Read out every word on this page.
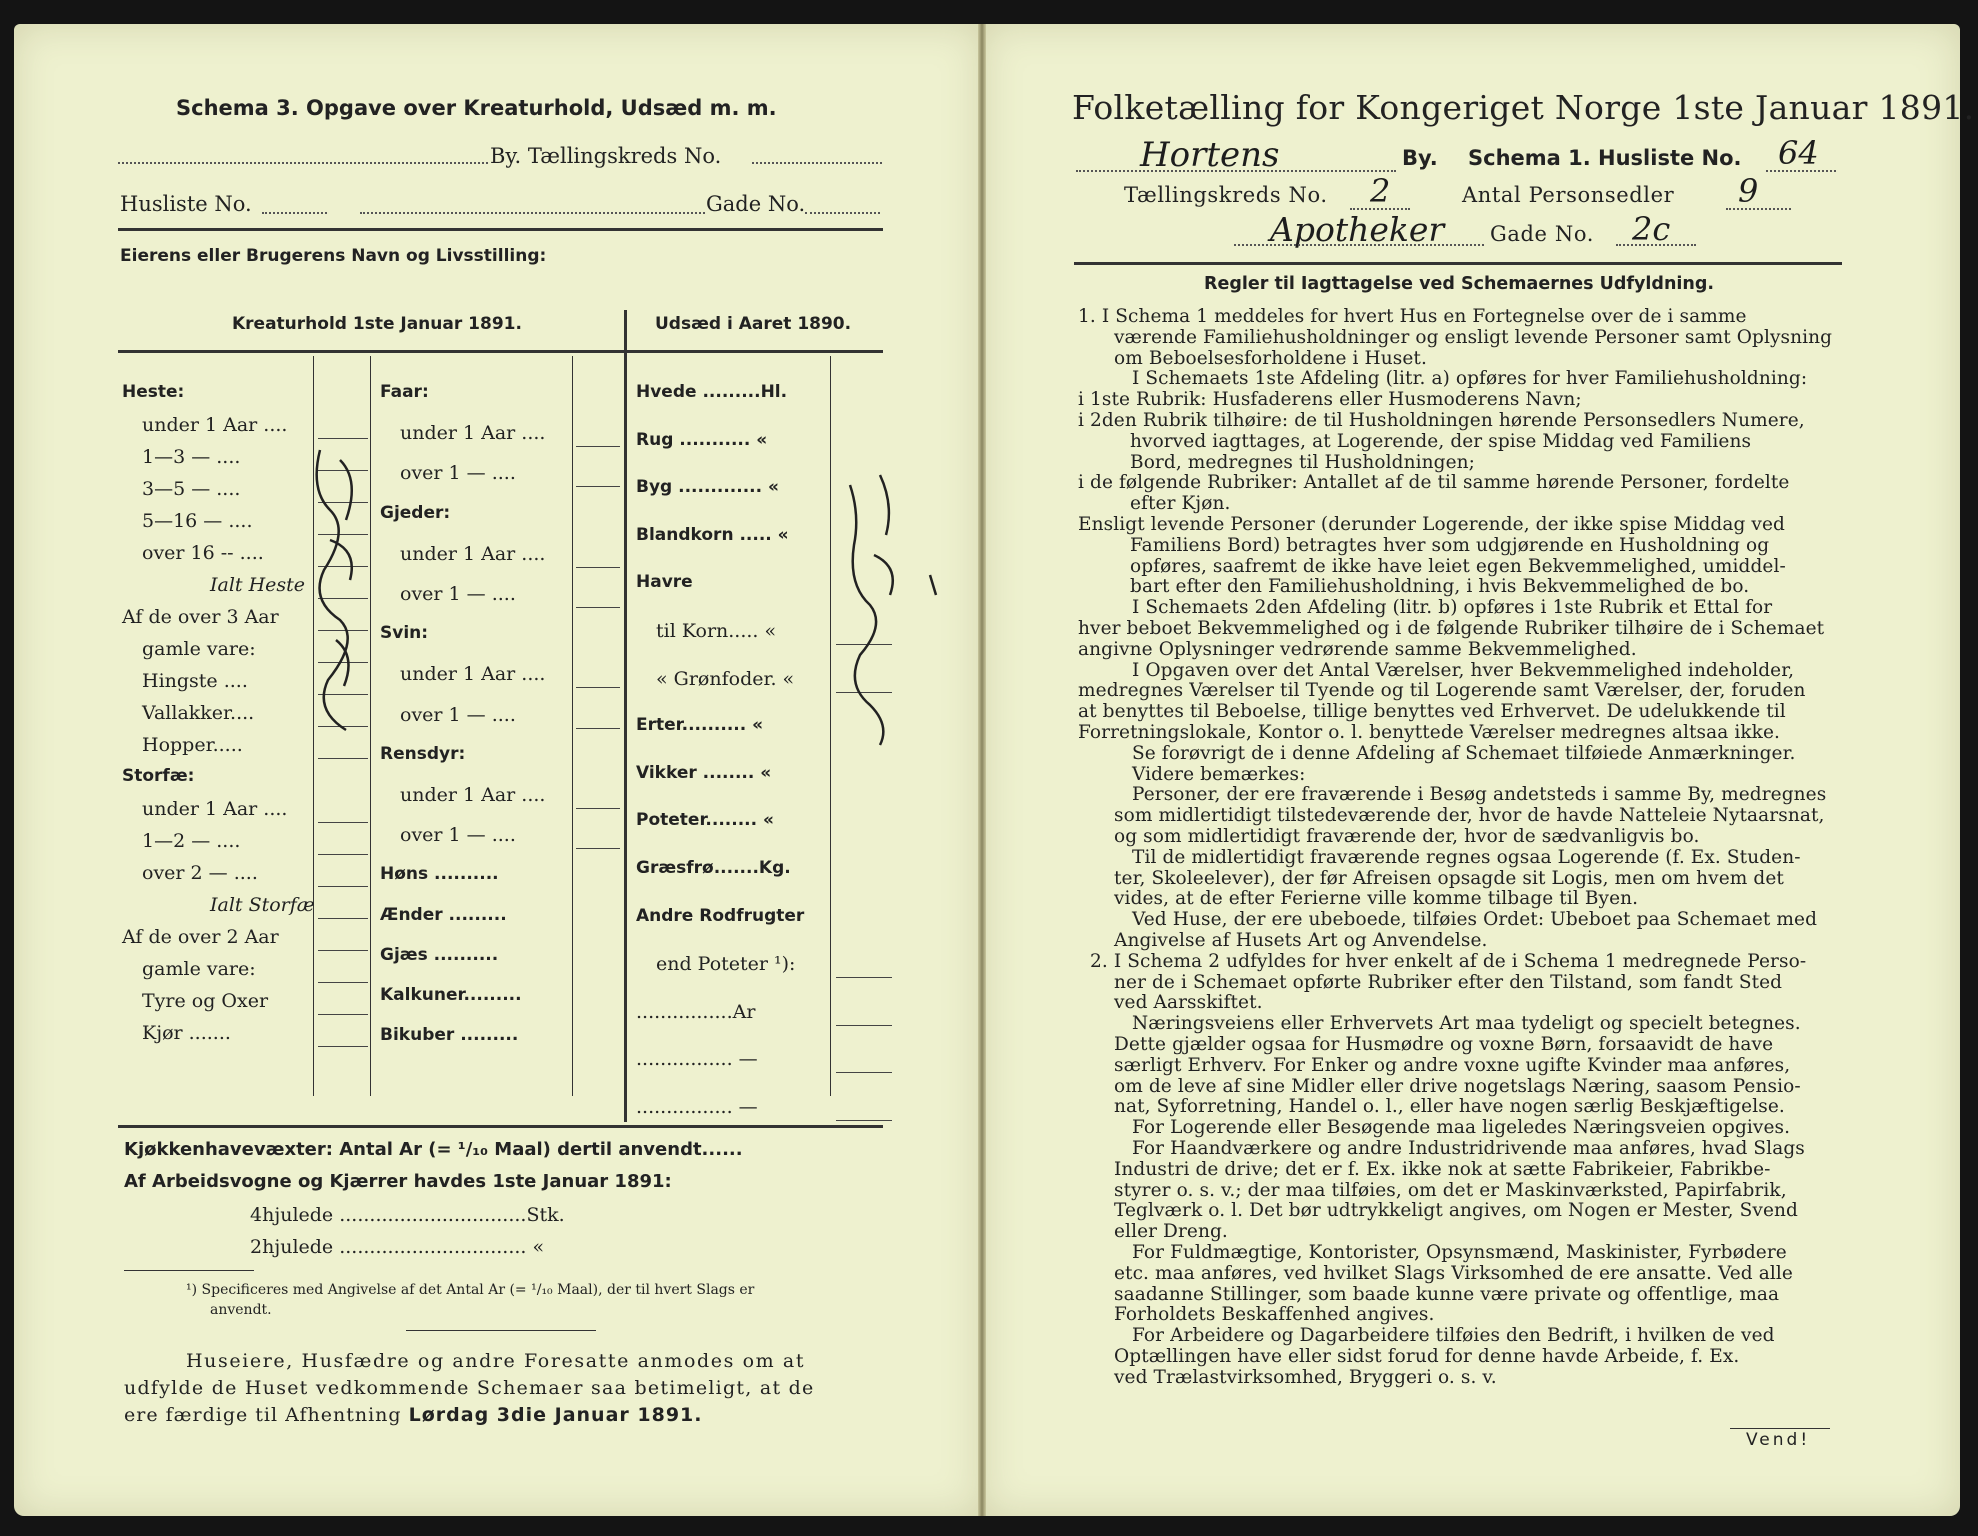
Schema 3. Opgave over Kreaturhold, Udsæd m. m.
By. Tællingskreds No.
Husliste No.	Gade No.
Eierens eller Brugerens Navn og Livsstilling:
Kreaturhold 1ste Januar 1891.	Udsæd i Aaret 1890.
Heste:
under 1 Aar ....
1—3 — ....
3—5 — ....
5—16 — ....
over 16 -- ....
Ialt Heste
Af de over 3 Aar
gamle vare:
Hingste ....
Vallakker....
Hopper.....
Storfæ:
under 1 Aar ....
1—2 — ....
over 2 — ....
Ialt Storfæ
Af de over 2 Aar
gamle vare:
Tyre og Oxer
Kjør .......
Faar:
under 1 Aar ....
over 1 — ....
Gjeder:
under 1 Aar ....
over 1 — ....
Svin:
under 1 Aar ....
over 1 — ....
Rensdyr:
under 1 Aar ....
over 1 — ....
Høns ..........
Ænder .........
Gjæs ..........
Kalkuner.........
Bikuber .........
Hvede .........Hl.
Rug ........... «
Byg ............. «
Blandkorn ..... «
Havre
til Korn..... «
« Grønfoder. «
Erter.......... «
Vikker ........ «
Poteter........ «
Græsfrø.......Kg.
Andre Rodfrugter
end Poteter ¹):
................Ar
................ —
................ —
Kjøkkenhavevæxter: Antal Ar (= ¹/₁₀ Maal) dertil anvendt......
Af Arbeidsvogne og Kjærrer havdes 1ste Januar 1891:
4hjulede ...............................Stk.
2hjulede ............................... «
¹) Specificeres med Angivelse af det Antal Ar (= ¹/₁₀ Maal), der til hvert Slags er
anvendt.
Huseiere, Husfædre og andre Foresatte anmodes om at
udfylde de Huset vedkommende Schemaer saa betimeligt, at de
ere færdige til Afhentning Lørdag 3die Januar 1891.
Folketælling for Kongeriget Norge 1ste Januar 1891.
Hortens	By. Schema 1. Husliste No. 64
Tællingskreds No. 2	Antal Personsedler 9
Apotheker Gade No. 2c
Regler til Iagttagelse ved Schemaernes Udfyldning.
1. I Schema 1 meddeles for hvert Hus en Fortegnelse over de i samme
værende Familiehusholdninger og ensligt levende Personer samt Oplysning
om Beboelsesforholdene i Huset.
I Schemaets 1ste Afdeling (litr. a) opføres for hver Familiehusholdning:
i 1ste Rubrik: Husfaderens eller Husmoderens Navn;
i 2den Rubrik tilhøire: de til Husholdningen hørende Personsedlers Numere,
hvorved iagttages, at Logerende, der spise Middag ved Familiens
Bord, medregnes til Husholdningen;
i de følgende Rubriker: Antallet af de til samme hørende Personer, fordelte
efter Kjøn.
Ensligt levende Personer (derunder Logerende, der ikke spise Middag ved
Familiens Bord) betragtes hver som udgjørende en Husholdning og
opføres, saafremt de ikke have leiet egen Bekvemmelighed, umiddel-
bart efter den Familiehusholdning, i hvis Bekvemmelighed de bo.
I Schemaets 2den Afdeling (litr. b) opføres i 1ste Rubrik et Ettal for
hver beboet Bekvemmelighed og i de følgende Rubriker tilhøire de i Schemaet
angivne Oplysninger vedrørende samme Bekvemmelighed.
I Opgaven over det Antal Værelser, hver Bekvemmelighed indeholder,
medregnes Værelser til Tyende og til Logerende samt Værelser, der, foruden
at benyttes til Beboelse, tillige benyttes ved Erhvervet. De udelukkende til
Forretningslokale, Kontor o. l. benyttede Værelser medregnes altsaa ikke.
Se forøvrigt de i denne Afdeling af Schemaet tilføiede Anmærkninger.
Videre bemærkes:
Personer, der ere fraværende i Besøg andetsteds i samme By, medregnes
som midlertidigt tilstedeværende der, hvor de havde Natteleie Nytaarsnat,
og som midlertidigt fraværende der, hvor de sædvanligvis bo.
Til de midlertidigt fraværende regnes ogsaa Logerende (f. Ex. Studen-
ter, Skoleelever), der før Afreisen opsagde sit Logis, men om hvem det
vides, at de efter Ferierne ville komme tilbage til Byen.
Ved Huse, der ere ubeboede, tilføies Ordet: Ubeboet paa Schemaet med
Angivelse af Husets Art og Anvendelse.
2. I Schema 2 udfyldes for hver enkelt af de i Schema 1 medregnede Perso-
ner de i Schemaet opførte Rubriker efter den Tilstand, som fandt Sted
ved Aarsskiftet.
Næringsveiens eller Erhvervets Art maa tydeligt og specielt betegnes.
Dette gjælder ogsaa for Husmødre og voxne Børn, forsaavidt de have
særligt Erhverv. For Enker og andre voxne ugifte Kvinder maa anføres,
om de leve af sine Midler eller drive nogetslags Næring, saasom Pensio-
nat, Syforretning, Handel o. l., eller have nogen særlig Beskjæftigelse.
For Logerende eller Besøgende maa ligeledes Næringsveien opgives.
For Haandværkere og andre Industridrivende maa anføres, hvad Slags
Industri de drive; det er f. Ex. ikke nok at sætte Fabrikeier, Fabrikbe-
styrer o. s. v.; der maa tilføies, om det er Maskinværksted, Papirfabrik,
Teglværk o. l. Det bør udtrykkeligt angives, om Nogen er Mester, Svend
eller Dreng.
For Fuldmægtige, Kontorister, Opsynsmænd, Maskinister, Fyrbødere
etc. maa anføres, ved hvilket Slags Virksomhed de ere ansatte. Ved alle
saadanne Stillinger, som baade kunne være private og offentlige, maa
Forholdets Beskaffenhed angives.
For Arbeidere og Dagarbeidere tilføies den Bedrift, i hvilken de ved
Optællingen have eller sidst forud for denne havde Arbeide, f. Ex.
ved Trælastvirksomhed, Bryggeri o. s. v.
Vend!
